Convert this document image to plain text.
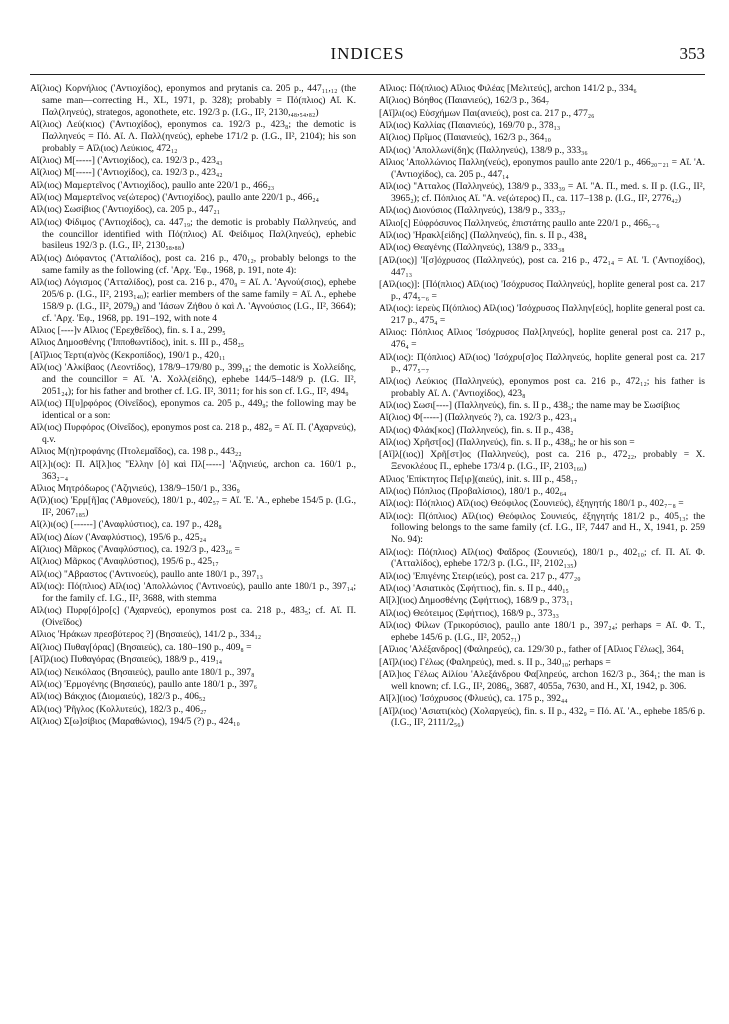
INDICES	353

Αἴ(λιος) Κορνήλιος ('Αντιοχίδος), eponymos and prytanis ca. 205 p., 447₁₁,₁₂ (the same man—correcting H., XL, 1971, p. 328); probably = Πό(πλιος) Αἴ. Κ. Παλ(ληνεύς), strategos, agonothete, etc. 192/3 p. (I.G., II², 2130,₄₈,₅₄,₈₂)

Αἴ(λιος) Λεύ(κιος) ('Αντιοχίδος), eponymos ca. 192/3 p., 423₈; the demotic is Παλληνεύς = Πό. Αἴ. Λ. Παλλ(ηνεύς), ephebe 171/2 p. (I.G., II², 2104); his son probably = Αἴλ(ιος) Λεύκιος, 472₁₂

Αἴ(λιος) Μ[-----] ('Αντιοχίδος), ca. 192/3 p., 423₄₃

Αἴ(λιος) Μ[-----] ('Αντιοχίδος), ca. 192/3 p., 423₄₂

Αἴλ(ιος) Μαμερτεῖνος ('Αντιοχίδος), paullo ante 220/1 p., 466₂₃

Αἴλ(ιος) Μαμερτεῖνος νε(ώτερος) ('Αντιοχίδος), paullo ante 220/1 p., 466₂₄

Αἴλ(ιος) Σωσίβιος ('Αντιοχίδος), ca. 205 p., 447₂₁

Αἴλ(ιος) Φίδιμος ('Αντιοχίδος), ca. 447₁₉; the demotic is probably Παλληνεύς, and the councillor identified with Πό(πλιος) Αἴ. Φείδιμος Παλ(ληνεύς), ephebic basileus 192/3 p. (I.G., II², 2130₅₈,₈₈)

Αἴλ(ιος) Διόφαντος ('Ατταλίδος), post ca. 216 p., 470₁₂, probably belongs to the same family as the following (cf. 'Αρχ. 'Εφ., 1968, p. 191, note 4):

Αἴλ(ιος) Λόγισμος ('Ατταλίδος), post ca. 216 p., 470₉ = Αἴ. Λ. 'Αγνού(σιος), ephebe 205/6 p. (I.G., II², 2193₁₄₀); earlier members of the same family = Αἴ. Λ., ephebe 158/9 p. (I.G., II², 2079₈) and 'Ιάσων Ζήθου ὁ καὶ Λ. 'Αγνούσιος (I.G., II², 3664); cf. 'Αρχ. 'Εφ., 1968, pp. 191–192, with note 4

Αἴλιος [----]ν Αἴλιος ('Ερεχθεΐδος), fin. s. I a., 299₅

Αἴλιος Δημοσθένης ('Ιπποθωντίδος), init. s. III p., 458₂₅

[Αἴ]λιος Τερτι(α)νὸς (Κεκροπίδος), 190/1 p., 420₁₁

Αἴλ(ιος) 'Αλκίβαος (Λεοντίδος), 178/9–179/80 p., 399₁₈; the demotic is Χολλείδης, and the councillor = Αἴ. 'Α. Χολλ(είδης), ephebe 144/5–148/9 p. (I.G. II², 2051₂₄); for his father and brother cf. I.G. II², 3011; for his son cf. I.G., II², 494₉

Αἴλ(ιος) Π[υ]ρφόρος (Οἰνεΐδος), eponymos ca. 205 p., 449₉; the following may be identical or a son:

Αἴλ(ιος) Πυρφόρος (Οἰνεΐδος), eponymos post ca. 218 p., 482₉ = Αἴ. Π. ('Αχαρνεύς), q.v.

Αἴλιος Μ(η)τροφάνης (Πτολεμαΐδος), ca. 198 p., 443₂₂

Αἴ[λ]ι(ος): Π. Αἴ[λ]ιος ''Ελλην [ὁ] καὶ Πλ[-----] 'Αζηνιεύς, archon ca. 160/1 p., 363₂₋₄

Αἴλιος Μητρόδωρος ('Αζηνιεύς), 138/9–150/1 p., 336₉

Α(ἴλ)(ιος) 'Ερμ[ῆ]ας ('Αθμονεύς), 180/1 p., 402₅₇ = Αἴ. 'Ε. 'Α., ephebe 154/5 p. (I.G., II², 2067₁₈₅)

Αἴ(λ)ι(ος) [------] ('Αναφλύστιος), ca. 197 p., 428₈

Αἴλ(ιος) Δίων ('Αναφλύστιος), 195/6 p., 425₂₄

Αἴ(λιος) Μᾶρκος ('Αναφλύστιος), ca. 192/3 p., 423₂₆ =

Αἴ(λιος) Μᾶρκος ('Αναφλύστιος), 195/6 p., 425₁₇

Αἴλ(ιος) ''Αβραστος ('Αντινοεύς), paullo ante 180/1 p., 397₁₃

Αἴλ(ιος): Πό(πλιος) Αἴλ(ιος) 'Απολλώνιος ('Αντινοεύς), paullo ante 180/1 p., 397₁₄; for the family cf. I.G., II², 3688, with stemma

Αἴλ(ιος) Πυρφ[ό]ρο[ς] ('Αχαρνεύς), eponymos post ca. 218 p., 483₅; cf. Αἴ. Π. (Οἰνεΐδος)

Αἴλιος 'Ηράκων πρεσβύτερος ?] (Βησαιεύς), 141/2 p., 334₁₂

Αἴ(λιος) Πυθαγ[όρας] (Βησαιεύς), ca. 180–190 p., 409₈ =

[Αἴ]λ(ιος) Πυθαγόρας (Βησαιεύς), 188/9 p., 419₁₄

Αἴλ(ιος) Νεικόλαος (Βησαιεύς), paullo ante 180/1 p., 397₈

Αἴλ(ιος) 'Ερμογένης (Βησαιεύς), paullo ante 180/1 p., 397₆

Αἴλ(ιος) Βάκχιος (Διομαιεύς), 182/3 p., 406₅₂

Αἴλ(ιος) 'Ρῆγλος (Κολλυτεύς), 182/3 p., 406₂₇

Αἴ(λιος) Σ[ω]σίβιος (Μαραθώνιος), 194/5 (?) p., 424₁₀

Αἴλιος: Πό(πλιος) Αἴλιος Φιλέας [Μελιτεύς], archon 141/2 p., 334₆

Αἴ(λιος) Βόηθος (Παιανιεύς), 162/3 p., 364₇

[Αἴ]λι(ος) Εὐσχήμων Παι(ανιεύς), post ca. 217 p., 477₂₆

Αἴλ(ιος) Καλλίας (Παιανιεύς), 169/70 p., 378₁₃

Αἴ(λιος) Πρῖμος (Παιανιεύς), 162/3 p., 364₁₀

Αἴλ(ιος) 'Απολλωνί(δη)ς (Παλληνεύς), 138/9 p., 333₃₆

Αἴλιος 'Απολλώνιος Παλλη(νεύς), eponymos paullo ante 220/1 p., 466₂₀₋₂₁ = Αἴ. 'Α. ('Αντιοχίδος), ca. 205 p., 447₁₄

Αἴλ(ιος) ''Ατταλος (Παλληνεύς), 138/9 p., 333₃₉ = Αἴ. ''Α. Π., med. s. II p. (I.G., II², 3965₂); cf. Πόπλιος Αἴ. ''Α. νε(ώτερος) Π., ca. 117–138 p. (I.G., II², 2776₄₂)

Αἴλ(ιος) Διονύσιος (Παλληνεύς), 138/9 p., 333₃₇

Αἴλιο[ς] Εὐφρόσυνος Παλληνεύς, ἐπιστάτης paullo ante 220/1 p., 466₅₋₆

Αἴλ(ιος) 'Ηρακλ[είδης] (Παλληνεύς), fin. s. II p., 438₄

Αἴλ(ιος) Θεαγένης (Παλληνεύς), 138/9 p., 333₃₈

[Αἴλ(ιος)] 'Ι[σ]όχρυσος (Παλληνεύς), post ca. 216 p., 472₁₄ = Αἴ. 'Ι. ('Αντιοχίδος), 447₁₃

[Αἴλ(ιος)]: [Πό(πλιος) Αἴλ(ιος) 'Ισόχρυσος Παλληνεύς], hoplite general post ca. 217 p., 474₅₋₆ =

Αἴλ(ιος): ἱερεὺς Π(όπλιος) Αἴλ(ιος) 'Ισόχρυσος Παλλην[εύς], hoplite general post ca. 217 p., 475₄ =

Αἴλιος: Πόπλιος Αἴλιος 'Ισόχρυσος Παλ[ληνεύς], hoplite general post ca. 217 p., 476₄ =

Αἴλ(ιος): Π(όπλιος) Αἴλ(ιος) 'Ισόχρυ[σ]ος Παλληνεύς, hoplite general post ca. 217 p., 477₅₋₇

Αἴλ(ιος) Λεύκιος (Παλληνεύς), eponymos post ca. 216 p., 472₁₂; his father is probably Αἴ. Λ. ('Αντιοχίδος), 423₈

Αἴλ(ιος) Σωσι[----] (Παλληνεύς), fin. s. II p., 438₃; the name may be Σωσίβιος

Αἴ(λιος) Φ[-----] (Παλληνεύς ?), ca. 192/3 p., 423₁₄

Αἴλ(ιος) Φλάκ[κος] (Παλληνεύς), fin. s. II p., 438₂

Αἴλ(ιος) Χρῆστ[ος] (Παλληνεύς), fin. s. II p., 438₈; he or his son =

[Αἴ]λ[(ιος)] Χρῆ[στ]ος (Παλληνεύς), post ca. 216 p., 472₂₂, probably = Χ. Ξενοκλέους Π., ephebe 173/4 p. (I.G., II², 2103₁₆₀)

Αἴλιος 'Επίκτητος Πε[ιρ](αιεύς), init. s. III p., 458₁₇

Αἴλ(ιος) Πόπλιος (Προβαλίσιος), 180/1 p., 402₆₄

Αἴλ(ιος): Πό(πλιος) Αἴλ(ιος) Θεόφιλος (Σουνιεύς), ἐξηγητής 180/1 p., 402₇₋₈ =

Αἴλ(ιος): Π(όπλιος) Αἴλ(ιος) Θεόφιλος Σουνιεύς, ἐξηγητής 181/2 p., 405₁₃; the following belongs to the same family (cf. I.G., II², 7447 and H., X, 1941, p. 259 No. 94):

Αἴλ(ιος): Πό(πλιος) Αἴλ(ιος) Φαῖδρος (Σουνιεύς), 180/1 p., 402₁₀; cf. Π. Αἴ. Φ. ('Ατταλίδος), ephebe 172/3 p. (I.G., II², 2102₁₃₅)

Αἴλ(ιος) 'Επιγένης Στειρ(ιεύς), post ca. 217 p., 477₂₀

Αἴλ(ιος) 'Ασιατικὸς (Σφήττιος), fin. s. II p., 440₁₅

Αἴ[λ](ιος) Δημοσθένης (Σφήττιος), 168/9 p., 373₁₁

Αἴλ(ιος) Θεότειμος (Σφήττιος), 168/9 p., 373₃₃

Αἴλ(ιος) Φίλων (Τρικορύσιος), paullo ante 180/1 p., 397₂₄; perhaps = Αἴ. Φ. Τ., ephebe 145/6 p. (I.G., II², 2052₇₁)

[Αἴλιος 'Αλέξανδρος] (Φαληρεύς), ca. 129/30 p., father of [Αἴλιος Γέλως], 364₁

[Αἴ]λ(ιος) Γέλως (Φαληρεύς), med. s. II p., 340₁₀; perhaps =

[Αἴλ]ιος Γέλως Αἰλίου 'Αλεξάνδρου Φα[ληρεύς, archon 162/3 p., 364₁; the man is well known; cf. I.G., II², 2086₆, 3687, 4055a, 7630, and H., XI, 1942, p. 306.

Αἴ[λ](ιος) 'Ισόχρυσος (Φλυεύς), ca. 175 p., 392₄₄

[Αἴ]λ(ιος) 'Ασιατι(κὸς) (Χολαργεύς), fin. s. II p., 432₉ = Πό. Αἴ. 'Α., ephebe 185/6 p. (I.G., II², 2111/2₅₆)
